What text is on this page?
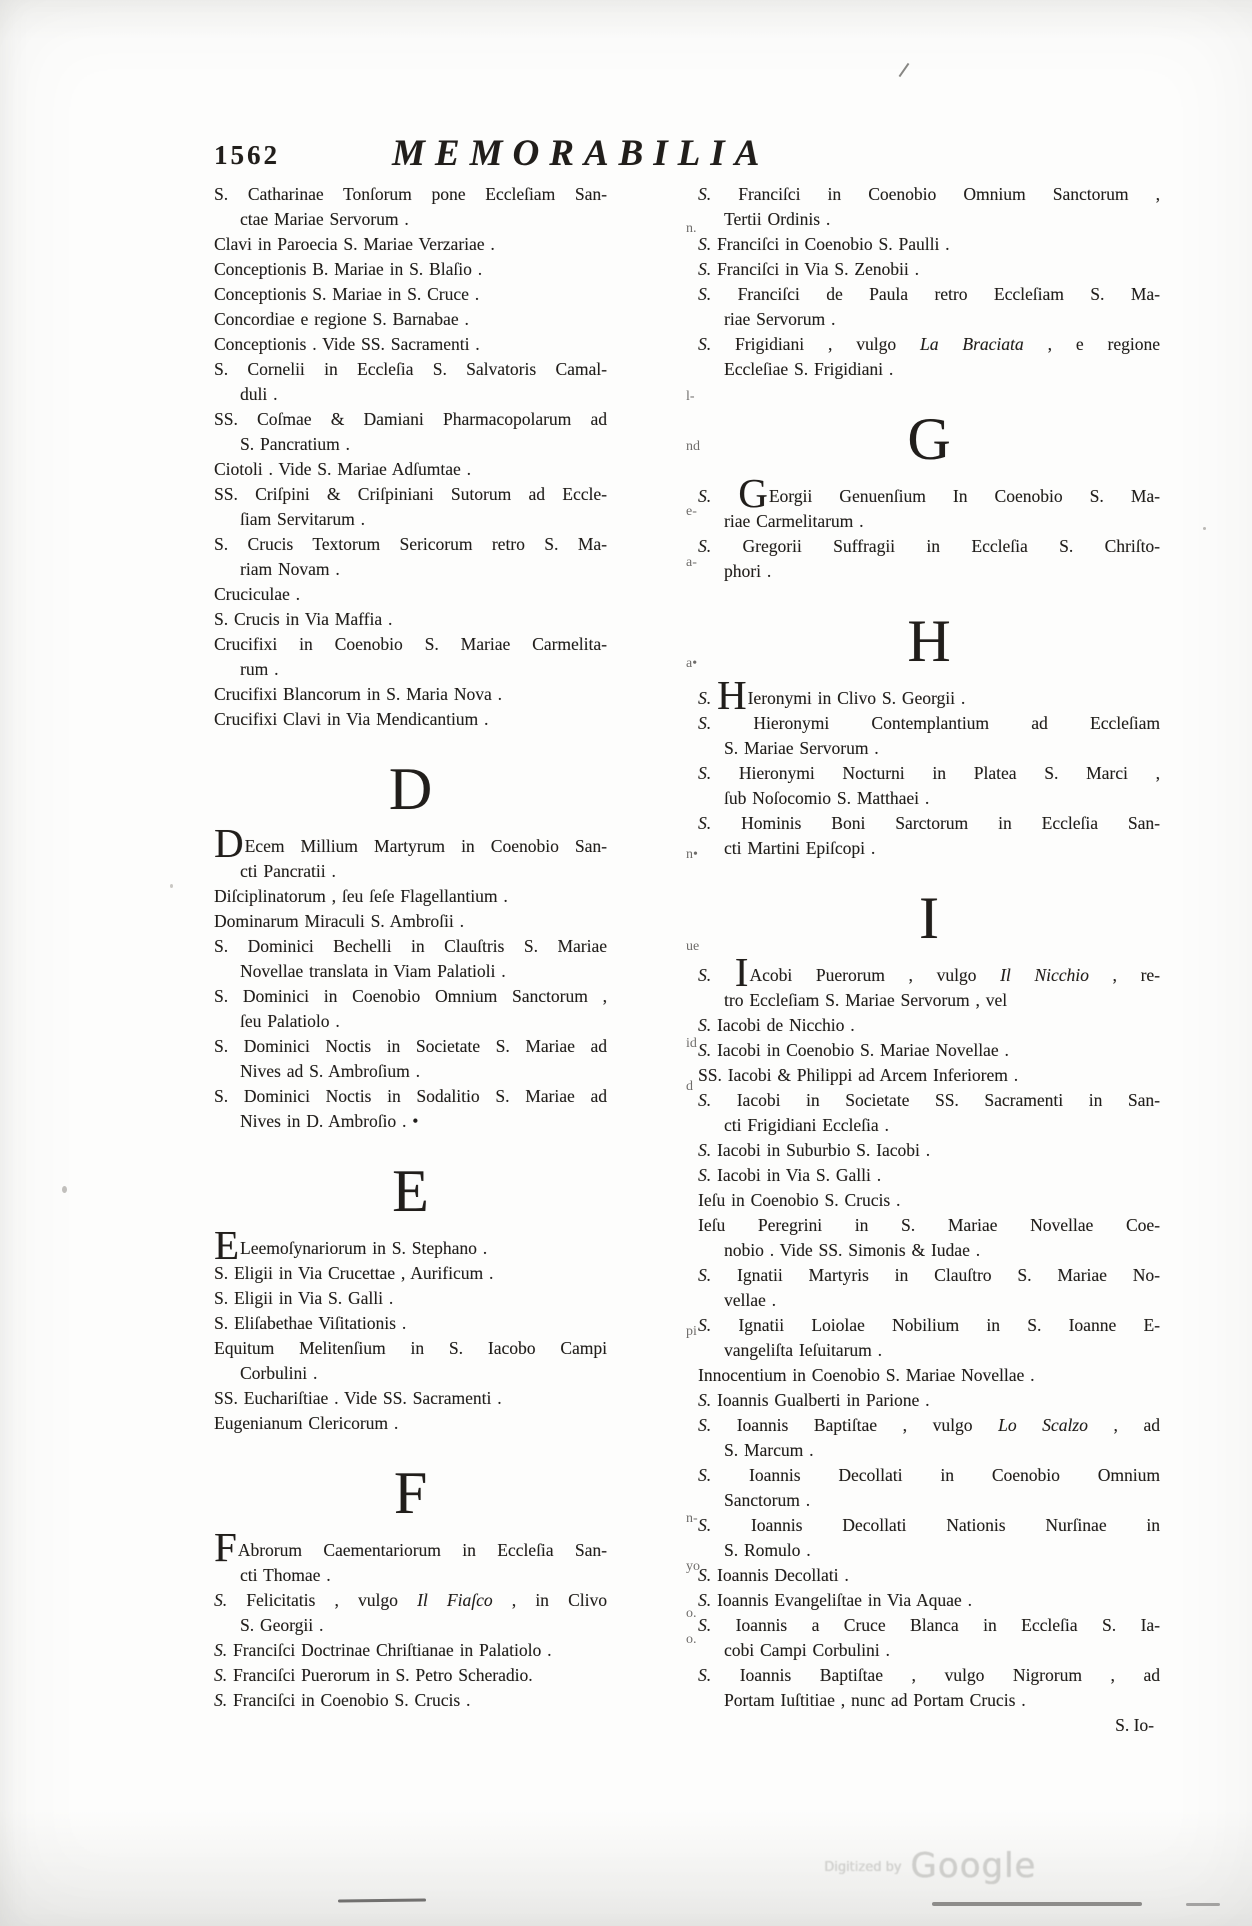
1562	MEMORABILIA
S. Catharinae Tonſorum pone Eccleſiam San-
ctae Mariae Servorum .
Clavi in Paroecia S. Mariae Verzariae .
Conceptionis B. Mariae in S. Blaſio .
Conceptionis S. Mariae in S. Cruce .
Concordiae e regione S. Barnabae .
Conceptionis . Vide SS. Sacramenti .
S. Cornelii in Eccleſia S. Salvatoris Camal-
duli .
SS. Coſmae & Damiani Pharmacopolarum ad
S. Pancratium .
Ciotoli . Vide S. Mariae Adſumtae .
SS. Criſpini & Criſpiniani Sutorum ad Eccle-
ſiam Servitarum .
S. Crucis Textorum Sericorum retro S. Ma-
riam Novam .
Cruciculae .
S. Crucis in Via Maffia .
Crucifixi in Coenobio S. Mariae Carmelita-
rum .
Crucifixi Blancorum in S. Maria Nova .
Crucifixi Clavi in Via Mendicantium .
D
DEcem Millium Martyrum in Coenobio San-
cti Pancratii .
Diſciplinatorum , ſeu ſeſe Flagellantium .
Dominarum Miraculi S. Ambroſii .
S. Dominici Bechelli in Clauſtris S. Mariae
Novellae translata in Viam Palatioli .
S. Dominici in Coenobio Omnium Sanctorum ,
ſeu Palatiolo .
S. Dominici Noctis in Societate S. Mariae ad
Nives ad S. Ambroſium .
S. Dominici Noctis in Sodalitio S. Mariae ad
Nives in D. Ambroſio . •
E
ELeemoſynariorum in S. Stephano .
S. Eligii in Via Crucettae , Aurificum .
S. Eligii in Via S. Galli .
S. Eliſabethae Viſitationis .
Equitum Melitenſium in S. Iacobo Campi
Corbulini .
SS. Euchariſtiae . Vide SS. Sacramenti .
Eugenianum Clericorum .
F
FAbrorum Caementariorum in Eccleſia San-
cti Thomae .
S. Felicitatis , vulgo Il Fiaſco , in Clivo
S. Georgii .
S. Franciſci Doctrinae Chriſtianae in Palatiolo .
S. Franciſci Puerorum in S. Petro Scheradio.
S. Franciſci in Coenobio S. Crucis .
S. Franciſci in Coenobio Omnium Sanctorum ,
Tertii Ordinis .
S. Franciſci in Coenobio S. Paulli .
S. Franciſci in Via S. Zenobii .
S. Franciſci de Paula retro Eccleſiam S. Ma-
riae Servorum .
S. Frigidiani , vulgo La Braciata , e regione
Eccleſiae S. Frigidiani .
G
S. GEorgii Genuenſium In Coenobio S. Ma-
riae Carmelitarum .
S. Gregorii Suffragii in Eccleſia S. Chriſto-
phori .
H
S. HIeronymi in Clivo S. Georgii .
S. Hieronymi Contemplantium ad Eccleſiam
S. Mariae Servorum .
S. Hieronymi Nocturni in Platea S. Marci ,
ſub Noſocomio S. Matthaei .
S. Hominis Boni Sarctorum in Eccleſia San-
cti Martini Epiſcopi .
I
S. IAcobi Puerorum , vulgo Il Nicchio , re-
tro Eccleſiam S. Mariae Servorum , vel
S. Iacobi de Nicchio .
S. Iacobi in Coenobio S. Mariae Novellae .
SS. Iacobi & Philippi ad Arcem Inferiorem .
S. Iacobi in Societate SS. Sacramenti in San-
cti Frigidiani Eccleſia .
S. Iacobi in Suburbio S. Iacobi .
S. Iacobi in Via S. Galli .
Ieſu in Coenobio S. Crucis .
Ieſu Peregrini in S. Mariae Novellae Coe-
nobio . Vide SS. Simonis & Iudae .
S. Ignatii Martyris in Clauſtro S. Mariae No-
vellae .
S. Ignatii Loiolae Nobilium in S. Ioanne E-
vangeliſta Ieſuitarum .
Innocentium in Coenobio S. Mariae Novellae .
S. Ioannis Gualberti in Parione .
S. Ioannis Baptiſtae , vulgo Lo Scalzo , ad
S. Marcum .
S. Ioannis Decollati in Coenobio Omnium
Sanctorum .
S. Ioannis Decollati Nationis Nurſinae in
S. Romulo .
S. Ioannis Decollati .
S. Ioannis Evangeliſtae in Via Aquae .
S. Ioannis a Cruce Blanca in Eccleſia S. Ia-
cobi Campi Corbulini .
S. Ioannis Baptiſtae , vulgo Nigrorum , ad
Portam Iuſtitiae , nunc ad Portam Crucis .
S. Io-
n.
l-
nd
e-
a-
a•
n•
ue
id
d
pi
n-
yo
o.
o.
$^{Digitized by}$ Google
